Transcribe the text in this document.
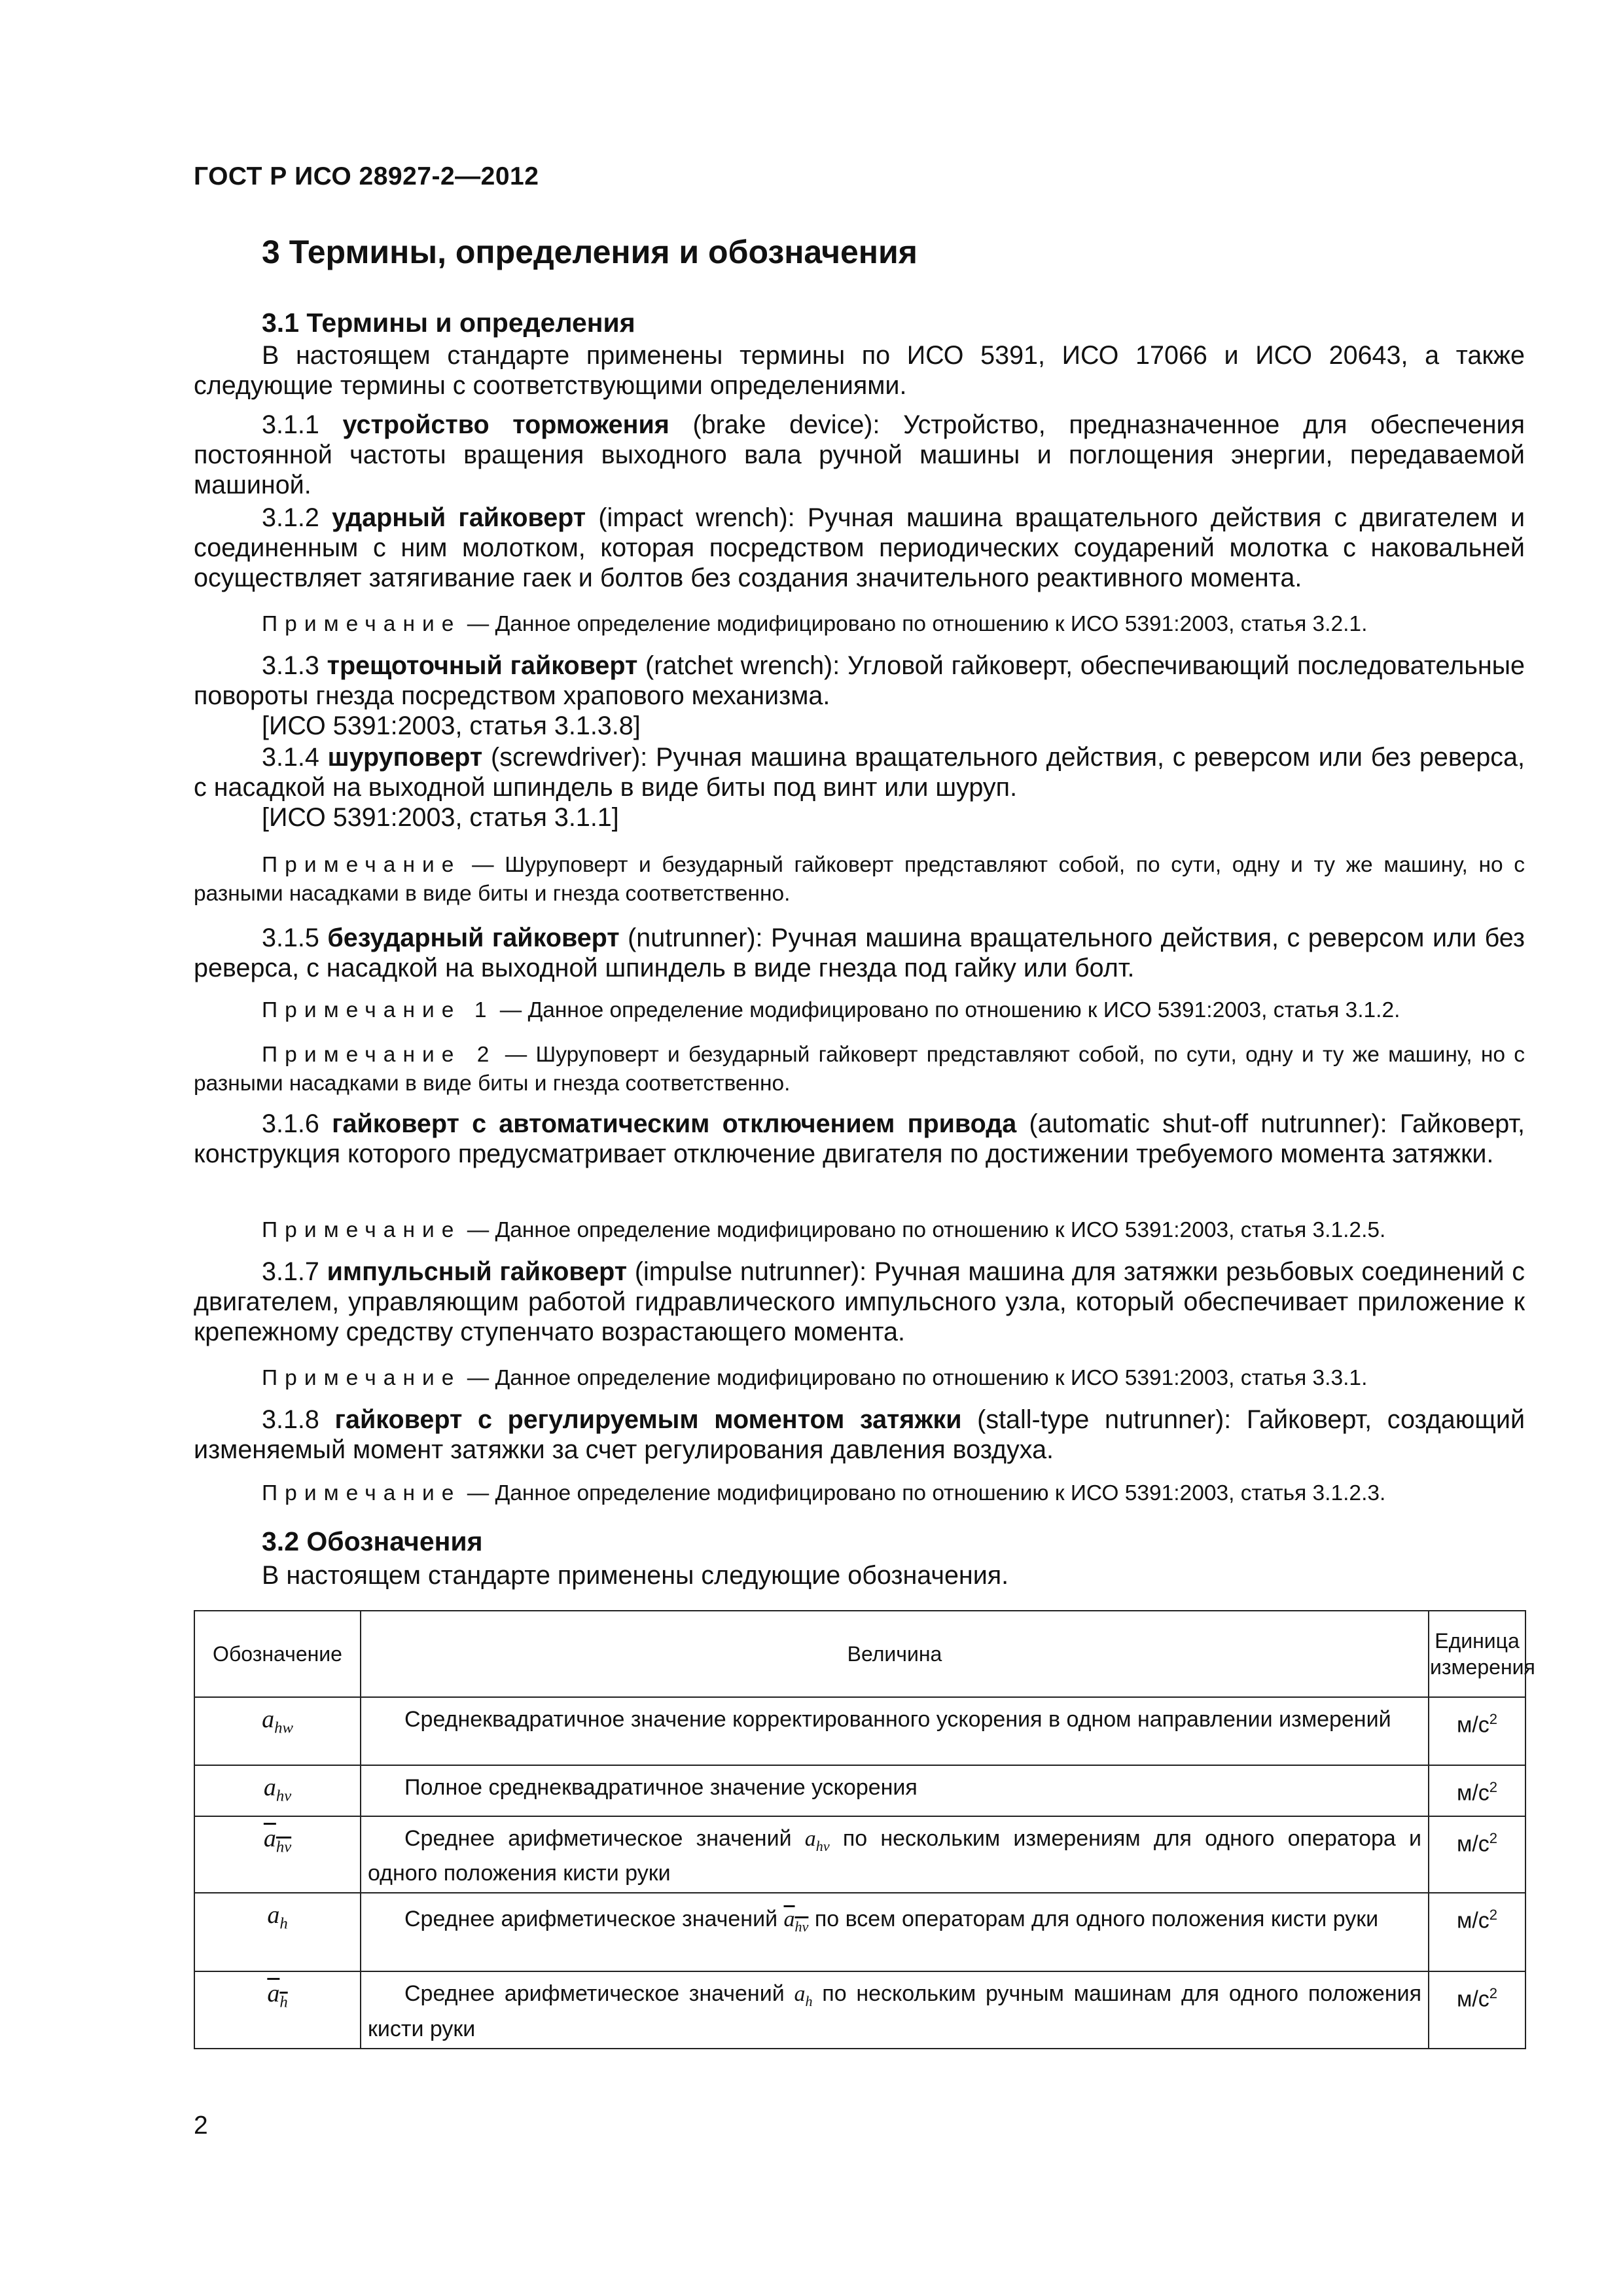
ГОСТ Р ИСО 28927-2—2012
3 Термины, определения и обозначения
3.1 Термины и определения

В настоящем стандарте применены термины по ИСО 5391, ИСО 17066 и ИСО 20643, а также следующие термины с соответствующими определениями.

3.1.1 устройство торможения (brake device): Устройство, предназначенное для обеспечения постоянной частоты вращения выходного вала ручной машины и поглощения энергии, передаваемой машиной.

3.1.2 ударный гайковерт (impact wrench): Ручная машина вращательного действия с двигателем и соединенным с ним молотком, которая посредством периодических соударений молотка с наковальней осуществляет затягивание гаек и болтов без создания значительного реактивного момента.

Примечание — Данное определение модифицировано по отношению к ИСО 5391:2003, статья 3.2.1.

3.1.3 трещоточный гайковерт (ratchet wrench): Угловой гайковерт, обеспечивающий последовательные повороты гнезда посредством храпового механизма.

[ИСО 5391:2003, статья 3.1.3.8]

3.1.4 шуруповерт (screwdriver): Ручная машина вращательного действия, с реверсом или без реверса, с насадкой на выходной шпиндель в виде биты под винт или шуруп.

[ИСО 5391:2003, статья 3.1.1]

Примечание — Шуруповерт и безударный гайковерт представляют собой, по сути, одну и ту же машину, но с разными насадками в виде биты и гнезда соответственно.

3.1.5 безударный гайковерт (nutrunner): Ручная машина вращательного действия, с реверсом или без реверса, с насадкой на выходной шпиндель в виде гнезда под гайку или болт.

Примечание 1 — Данное определение модифицировано по отношению к ИСО 5391:2003, статья 3.1.2.

Примечание 2 — Шуруповерт и безударный гайковерт представляют собой, по сути, одну и ту же машину, но с разными насадками в виде биты и гнезда соответственно.

3.1.6 гайковерт с автоматическим отключением привода (automatic shut-off nutrunner): Гайковерт, конструкция которого предусматривает отключение двигателя по достижении требуемого момента затяжки.

Примечание — Данное определение модифицировано по отношению к ИСО 5391:2003, статья 3.1.2.5.

3.1.7 импульсный гайковерт (impulse nutrunner): Ручная машина для затяжки резьбовых соединений с двигателем, управляющим работой гидравлического импульсного узла, который обеспечивает приложение к крепежному средству ступенчато возрастающего момента.

Примечание — Данное определение модифицировано по отношению к ИСО 5391:2003, статья 3.3.1.

3.1.8 гайковерт с регулируемым моментом затяжки (stall-type nutrunner): Гайковерт, создающий изменяемый момент затяжки за счет регулирования давления воздуха.

Примечание — Данное определение модифицировано по отношению к ИСО 5391:2003, статья 3.1.2.3.

3.2 Обозначения

В настоящем стандарте применены следующие обозначения.

Обозначение	Величина	Единица
измерения
$a_{hw}$	Среднеквадратичное значение корректированного ускорения в одном направлении измерений	$м/с^2$
$a_{hv}$	Полное среднеквадратичное значение ускорения	$м/с^2$
$a_{hv}$	Среднее арифметическое значений $a_{hv}$ по нескольким измерениям для одного оператора и одного положения кисти руки	$м/с^2$
$a_h$	Среднее арифметическое значений $a_{hv}$ по всем операторам для одного положения кисти руки	$м/с^2$
$a_h$	Среднее арифметическое значений $a_h$ по нескольким ручным машинам для одного положения кисти руки	$м/с^2$
2
